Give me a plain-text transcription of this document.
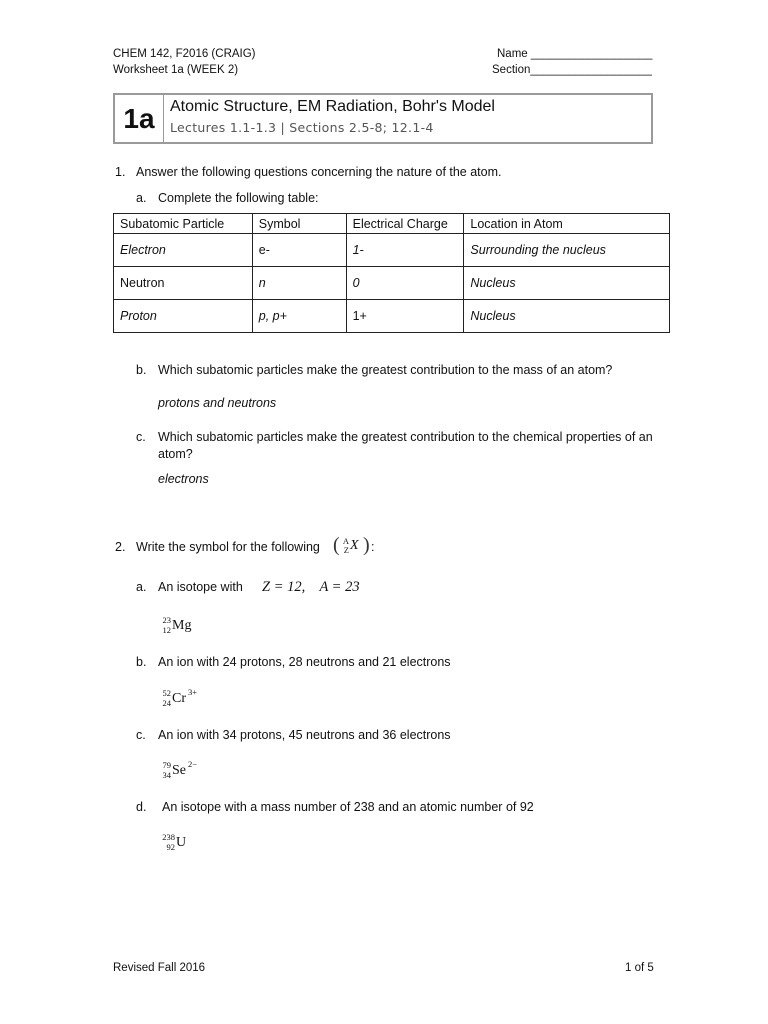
CHEM 142, F2016 (CRAIG)
Worksheet 1a (WEEK 2)
Name ___________________
Section___________________
1a Atomic Structure, EM Radiation, Bohr's Model
Lectures 1.1-1.3 | Sections 2.5-8; 12.1-4
1. Answer the following questions concerning the nature of the atom.
a. Complete the following table:
Subatomic Particle	Symbol	Electrical Charge	Location in Atom
Electron	e-	1-	Surrounding the nucleus
Neutron	n	0	Nucleus
Proton	p, p+	1+	Nucleus
b. Which subatomic particles make the greatest contribution to the mass of an atom?
protons and neutrons
c. Which subatomic particles make the greatest contribution to the chemical properties of an
atom?
electrons
2. Write the symbol for the following ( A
Z X ) :
a. An isotope with Z = 12,    A = 23
23
12 Mg
b. An ion with 24 protons, 28 neutrons and 21 electrons
52
24 Cr 3+
c. An ion with 34 protons, 45 neutrons and 36 electrons
79
34 Se 2−
d. An isotope with a mass number of 238 and an atomic number of 92
238
92 U
Revised Fall 2016	1 of 5
